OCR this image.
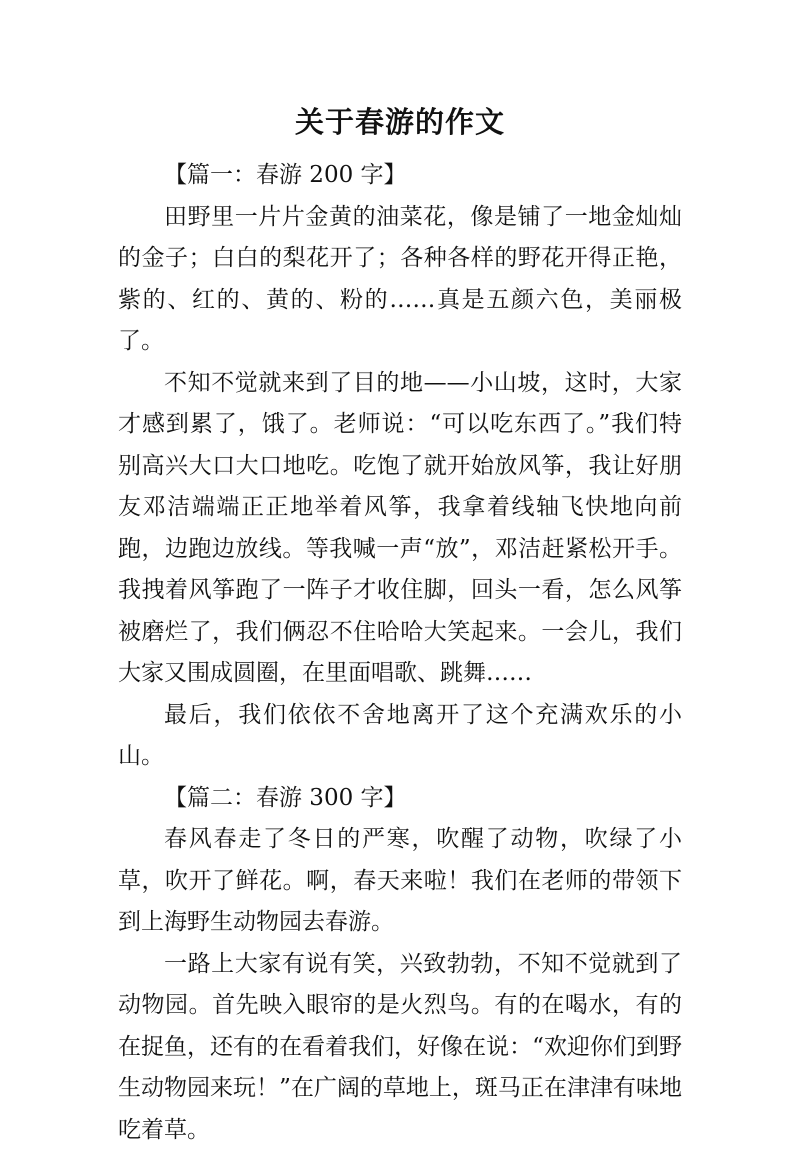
关于春游的作文

【篇一：春游 200 字】

田野里一片片金黄的油菜花，像是铺了一地金灿灿的金子；白白的梨花开了；各种各样的野花开得正艳，紫的、红的、黄的、粉的……真是五颜六色，美丽极了。

不知不觉就来到了目的地——小山坡，这时，大家才感到累了，饿了。老师说：“可以吃东西了。”我们特别高兴大口大口地吃。吃饱了就开始放风筝，我让好朋友邓洁端端正正地举着风筝，我拿着线轴飞快地向前跑，边跑边放线。等我喊一声“放”，邓洁赶紧松开手。我拽着风筝跑了一阵子才收住脚，回头一看，怎么风筝被磨烂了，我们俩忍不住哈哈大笑起来。一会儿，我们大家又围成圆圈，在里面唱歌、跳舞……

最后，我们依依不舍地离开了这个充满欢乐的小山。

【篇二：春游 300 字】

春风春走了冬日的严寒，吹醒了动物，吹绿了小草，吹开了鲜花。啊，春天来啦！我们在老师的带领下到上海野生动物园去春游。

一路上大家有说有笑，兴致勃勃，不知不觉就到了动物园。首先映入眼帘的是火烈鸟。有的在喝水，有的在捉鱼，还有的在看着我们，好像在说：“欢迎你们到野生动物园来玩！”在广阔的草地上，斑马正在津津有味地吃着草。
